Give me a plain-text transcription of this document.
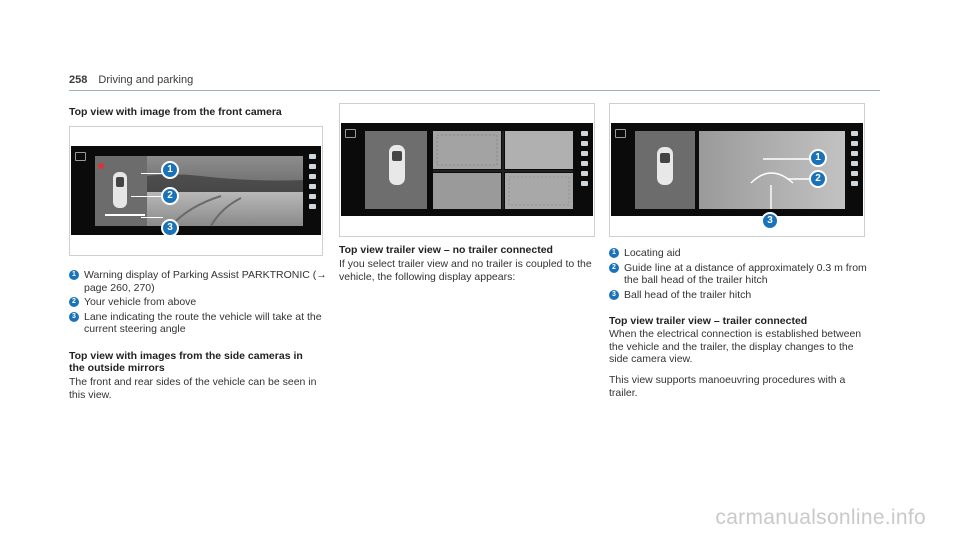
258 Driving and parking
Top view with image from the front camera
1
2
3
1 Warning display of Parking Assist PARKTRONIC (→ page 260, 270)
2 Your vehicle from above
3 Lane indicating the route the vehicle will take at the current steering angle
Top view with images from the side cameras in the outside mirrors
The front and rear sides of the vehicle can be seen in this view.
Top view trailer view – no trailer connected
If you select trailer view and no trailer is coupled to the vehicle, the following display appears:
1
2
3
1 Locating aid
2 Guide line at a distance of approximately 0.3 m from the ball head of the trailer hitch
3 Ball head of the trailer hitch
Top view trailer view – trailer connected
When the electrical connection is established between the vehicle and the trailer, the display changes to the side camera view.
This view supports manoeuvring procedures with a trailer.
carmanualsonline.info
